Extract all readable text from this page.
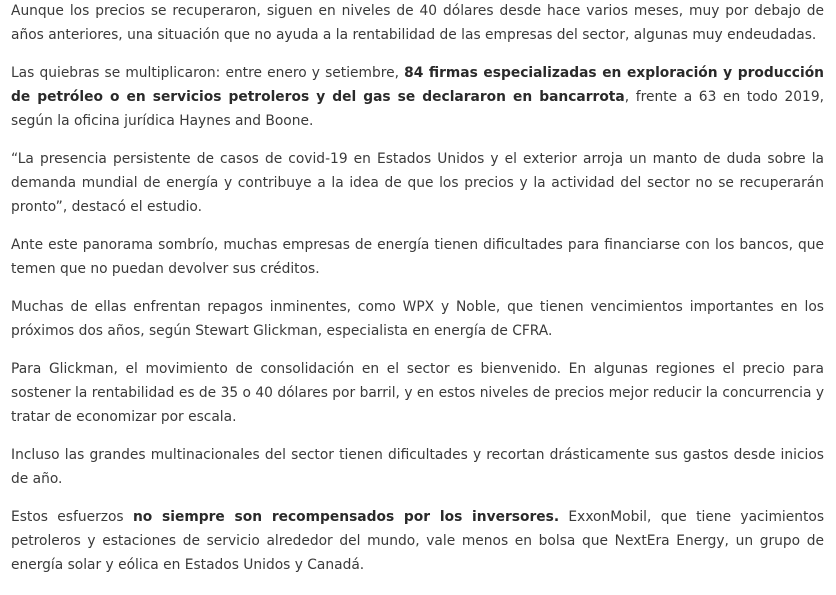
Aunque los precios se recuperaron, siguen en niveles de 40 dólares desde hace varios meses, muy por debajo de años anteriores, una situación que no ayuda a la rentabilidad de las empresas del sector, algunas muy endeudadas.

Las quiebras se multiplicaron: entre enero y setiembre, 84 firmas especializadas en exploración y producción de petróleo o en servicios petroleros y del gas se declararon en bancarrota, frente a 63 en todo 2019, según la oficina jurídica Haynes and Boone.

“La presencia persistente de casos de covid-19 en Estados Unidos y el exterior arroja un manto de duda sobre la demanda mundial de energía y contribuye a la idea de que los precios y la actividad del sector no se recuperarán pronto”, destacó el estudio.

Ante este panorama sombrío, muchas empresas de energía tienen dificultades para financiarse con los bancos, que temen que no puedan devolver sus créditos.

Muchas de ellas enfrentan repagos inminentes, como WPX y Noble, que tienen vencimientos importantes en los próximos dos años, según Stewart Glickman, especialista en energía de CFRA.

Para Glickman, el movimiento de consolidación en el sector es bienvenido. En algunas regiones el precio para sostener la rentabilidad es de 35 o 40 dólares por barril, y en estos niveles de precios mejor reducir la concurrencia y tratar de economizar por escala.

Incluso las grandes multinacionales del sector tienen dificultades y recortan drásticamente sus gastos desde inicios de año.

Estos esfuerzos no siempre son recompensados por los inversores. ExxonMobil, que tiene yacimientos petroleros y estaciones de servicio alrededor del mundo, vale menos en bolsa que NextEra Energy, un grupo de energía solar y eólica en Estados Unidos y Canadá.
